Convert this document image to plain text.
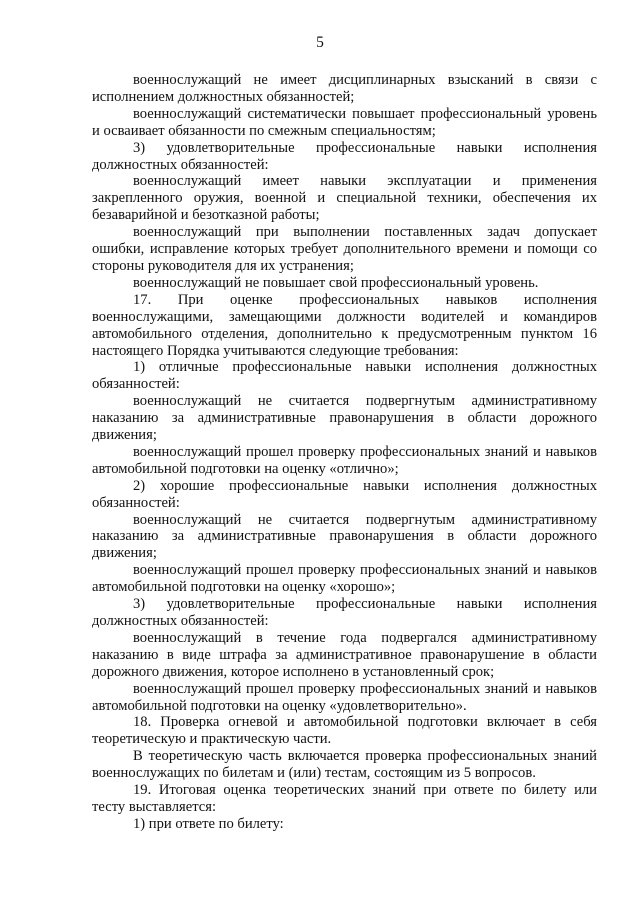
5

военнослужащий не имеет дисциплинарных взысканий в связи с исполнением должностных обязанностей;

военнослужащий систематически повышает профессиональный уровень и осваивает обязанности по смежным специальностям;

3) удовлетворительные профессиональные навыки исполнения должностных обязанностей:

военнослужащий имеет навыки эксплуатации и применения закрепленного оружия, военной и специальной техники, обеспечения их безаварийной и безотказной работы;

военнослужащий при выполнении поставленных задач допускает ошибки, исправление которых требует дополнительного времени и помощи со стороны руководителя для их устранения;

военнослужащий не повышает свой профессиональный уровень.

17. При оценке профессиональных навыков исполнения военнослужащими, замещающими должности водителей и командиров автомобильного отделения, дополнительно к предусмотренным пунктом 16 настоящего Порядка учитываются следующие требования:

1) отличные профессиональные навыки исполнения должностных обязанностей:

военнослужащий не считается подвергнутым административному наказанию за административные правонарушения в области дорожного движения;

военнослужащий прошел проверку профессиональных знаний и навыков автомобильной подготовки на оценку «отлично»;

2) хорошие профессиональные навыки исполнения должностных обязанностей:

военнослужащий не считается подвергнутым административному наказанию за административные правонарушения в области дорожного движения;

военнослужащий прошел проверку профессиональных знаний и навыков автомобильной подготовки на оценку «хорошо»;

3) удовлетворительные профессиональные навыки исполнения должностных обязанностей:

военнослужащий в течение года подвергался административному наказанию в виде штрафа за административное правонарушение в области дорожного движения, которое исполнено в установленный срок;

военнослужащий прошел проверку профессиональных знаний и навыков автомобильной подготовки на оценку «удовлетворительно».

18. Проверка огневой и автомобильной подготовки включает в себя теоретическую и практическую части.

В теоретическую часть включается проверка профессиональных знаний военнослужащих по билетам и (или) тестам, состоящим из 5 вопросов.

19. Итоговая оценка теоретических знаний при ответе по билету или тесту выставляется:

1) при ответе по билету:
